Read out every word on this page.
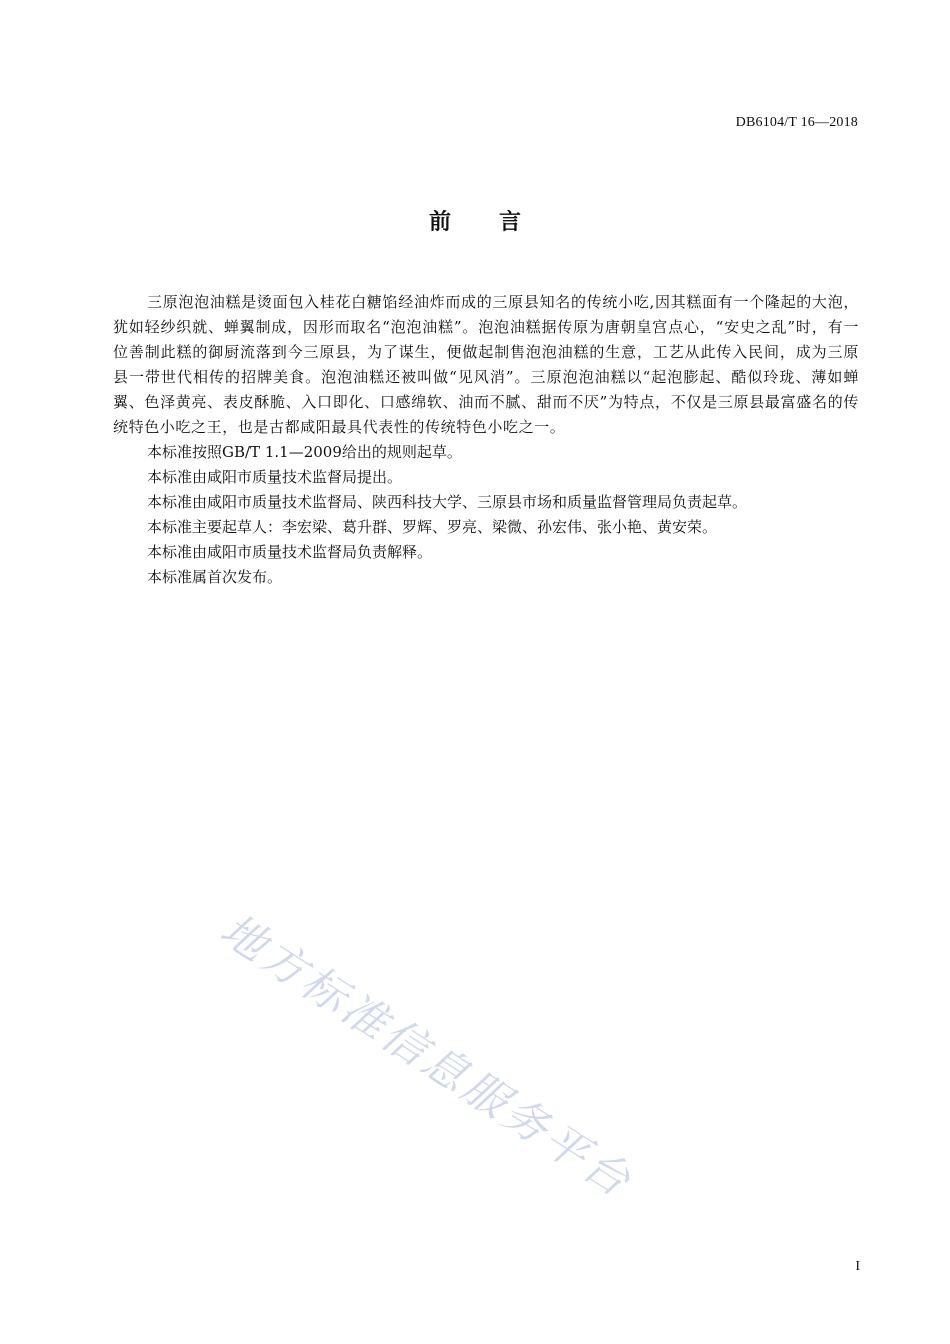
DB6104/T 16—2018
前言

三原泡泡油糕是烫面包入桂花白糖馅经油炸而成的三原县知名的传统小吃,因其糕面有一个隆起的大泡，犹如轻纱织就、蝉翼制成，因形而取名“泡泡油糕”。泡泡油糕据传原为唐朝皇宫点心，“安史之乱”时，有一位善制此糕的御厨流落到今三原县，为了谋生，便做起制售泡泡油糕的生意，工艺从此传入民间，成为三原县一带世代相传的招牌美食。泡泡油糕还被叫做“见风消”。三原泡泡油糕以“起泡膨起、酷似玲珑、薄如蝉翼、色泽黄亮、表皮酥脆、入口即化、口感绵软、油而不腻、甜而不厌”为特点，不仅是三原县最富盛名的传统特色小吃之王，也是古都咸阳最具代表性的传统特色小吃之一。

本标准按照GB/T 1.1—2009给出的规则起草。

本标准由咸阳市质量技术监督局提出。

本标准由咸阳市质量技术监督局、陕西科技大学、三原县市场和质量监督管理局负责起草。

本标准主要起草人：李宏梁、葛升群、罗辉、罗亮、梁微、孙宏伟、张小艳、黄安荣。

本标准由咸阳市质量技术监督局负责解释。

本标准属首次发布。

地方标准信息服务平台
I
